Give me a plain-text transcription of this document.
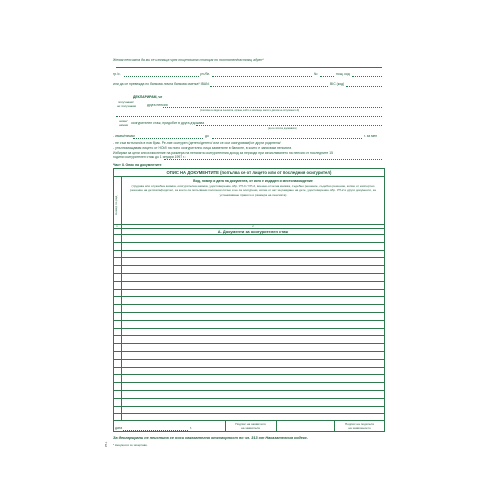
Желая пенсията да ми се изплаща чрез пощенската станция по постоянен/настоящ адрес*
гр./с.	ул./бл.	№	пощ. код
или да се превежда по банкова лична банкова сметка* IBAN:	BIC (код)
ДЕКЛАРИРАМ, че
получавам/
не получавам	друга пенсия
(посочва се вида на пенсията, органа, който я изплаща, както и датата на отпускането й)
имам/
нямам осигурителен стаж, придобит в друга държава
(да се посочи държавата)
- имам/нямам	до	г. за мен
- не съм встъпил/а в нов брак. Ре-ние осигурен (детето/детето/ или се оси осигурявам)/от други родители/
- упълномощавам лицето от НОИ/ на ноно осигурително лица заявените в банките, в които е записвам пенсията
Избирам за цели или изчисление на размера на пенсията осигурителния доход за периоди при изчисляването на пенсия от последните 15
години осигурителен стаж до 1 януари 1997 г.:
Част II. Опис на документите
ОПИС НА ДОКУМЕНТИТЕ (попълва се от лицето или от последния осигурител)
Номер по ред
Вид, номер и дата на документа, от кого е издаден и местонахождение
(трудова или служебна книжка, осигурителна книжка, удостоверение обр. УП-3 / УП-2, военно-отчетна книжка, съдебно решение, съдебно решение, копие от експертно решение на детската/родител, за което са попълвани посочени лично и не са осигурени, копие от акт за раждане на дете, удостоверение обр. УП-2 и други документи, за установяване правото и размера на пенсията)
1	2
А. Документи за осигурителен стаж
дата	г.
Подпис на заявителя
на заявителя
Подпис на подателя
на заявлението
За декларирани не неистина се носи наказателна отговорност по чл. 313 от Наказателния кодекс.
* Ненужното се зачертава.
УП-1
